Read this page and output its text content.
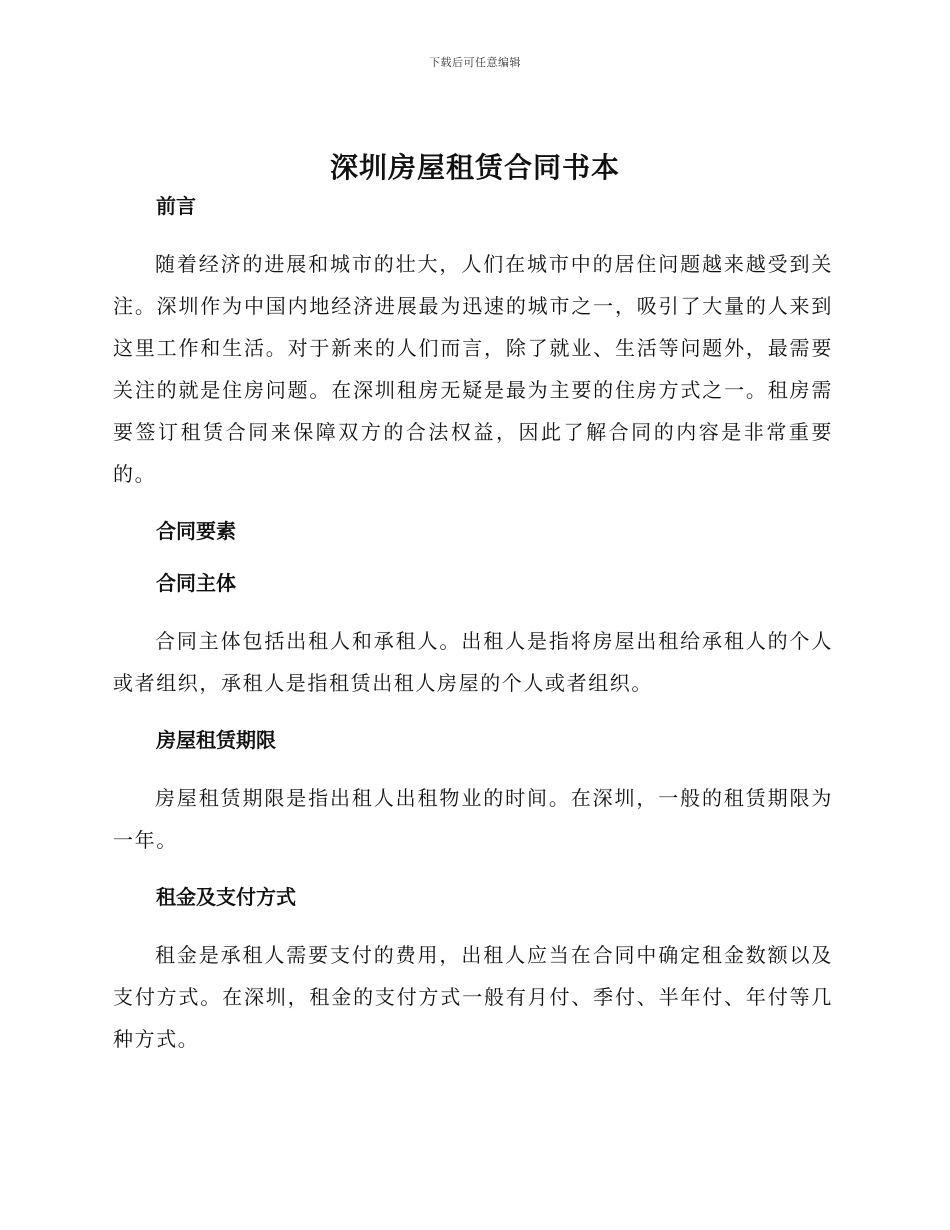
下载后可任意编辑
深圳房屋租赁合同书本
前言

随着经济的进展和城市的壮大，人们在城市中的居住问题越来越受到关注。深圳作为中国内地经济进展最为迅速的城市之一，吸引了大量的人来到这里工作和生活。对于新来的人们而言，除了就业、生活等问题外，最需要关注的就是住房问题。在深圳租房无疑是最为主要的住房方式之一。租房需要签订租赁合同来保障双方的合法权益，因此了解合同的内容是非常重要的。

合同要素
合同主体

合同主体包括出租人和承租人。出租人是指将房屋出租给承租人的个人或者组织，承租人是指租赁出租人房屋的个人或者组织。

房屋租赁期限

房屋租赁期限是指出租人出租物业的时间。在深圳，一般的租赁期限为一年。

租金及支付方式

租金是承租人需要支付的费用，出租人应当在合同中确定租金数额以及支付方式。在深圳，租金的支付方式一般有月付、季付、半年付、年付等几种方式。
